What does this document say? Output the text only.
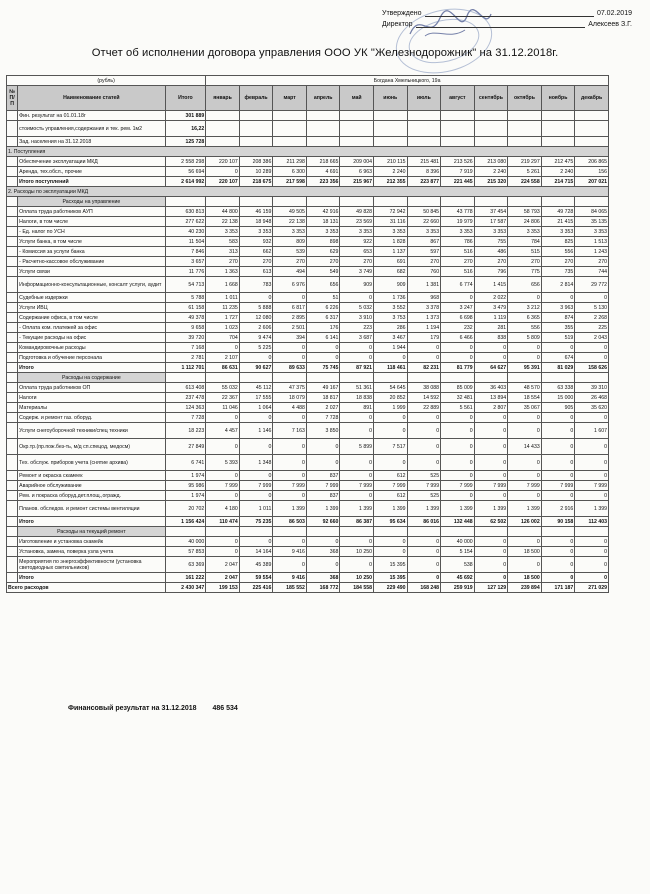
Утверждено	07.02.2019
Директор	Алексеев З.Г.
Отчет об исполнении договора управления ООО УК "Железнодорожник" на 31.12.2018г.
(рубль)			Богдана Хмельницкого, 19а											
№ П/П	Наименование статей	Итого	январь	февраль	март	апрель	май	июнь	июль	август	сентябрь	октябрь	ноябрь	декабрь
	Фин. результат на 01.01.18г	301 889												
	стоимость управления,содержания и тек. рем. 1м2	16,22												
	Зад. населения на 31.12.2018	125 728												
1. Поступления														
	Обеспечение эксплуатации МКД	2 558 298	220 107	208 386	211 298	218 665	209 004	210 115	215 481	213 526	213 080	219 297	212 475	206 865
	Аренда, тех.обсл., прочие	56 694	0	10 289	6 300	4 691	6 963	2 240	8 396	7 919	2 240	5 261	2 240	156
	Итого поступлений	2 614 992	220 107	218 675	217 598	223 356	215 967	212 355	223 877	221 445	215 320	224 558	214 715	207 021
2. Расходы по эксплуатации МКД														
	Расходы на управление													
	Оплата труда работников АУП	630 813	44 800	46 159	49 505	42 916	49 828	72 942	50 845	43 778	37 454	58 793	49 728	84 065
	Налоги, в том числе	277 622	22 138	18 948	22 138	18 131	23 569	31 116	22 660	19 979	17 587	24 806	21 415	35 135
	- Ед. налог по УСН	40 230	3 353	3 353	3 353	3 353	3 353	3 353	3 353	3 353	3 353	3 353	3 353	3 353
	Услуги банка, в том числе	11 504	583	932	809	898	922	1 828	867	786	755	784	825	1 513
	- Комиссия за услуги банка	7 846	313	662	539	629	653	1 137	597	516	486	515	556	1 243
	- Расчетно-кассовое обслуживание	3 657	270	270	270	270	270	691	270	270	270	270	270	270
	Услуги связи	11 776	1 363	613	494	549	3 749	682	760	516	796	775	735	744
	Информационно-консультационные, консалт услуги, аудит	54 713	1 668	783	6 976	656	909	909	1 381	6 774	1 415	656	2 814	29 772
	Судебные издержки	5 788	1 011	0	0	51	0	1 736	968	0	2 022	0	0	0
	Услуги ИВЦ	61 158	11 235	5 888	6 817	6 226	5 032	3 552	3 378	3 247	3 479	3 212	3 963	5 130
	Содержание офиса, в том числе	49 378	1 727	12 080	2 895	6 317	3 910	3 753	1 373	6 698	1 119	6 365	874	2 268
	- Оплата ком. платежей за офис	9 658	1 023	2 606	2 501	176	223	286	1 194	232	281	556	355	225
	- Текущие расходы на офис	39 720	704	9 474	394	6 141	3 687	3 467	179	6 466	838	5 809	519	2 043
	Командировочные расходы	7 168	0	5 225	0	0	0	1 944	0	0	0	0	0	0
	Подготовка и обучение персонала	2 781	2 107	0	0	0	0	0	0	0	0	0	674	0
	Итого	1 112 701	86 631	90 627	89 633	75 745	87 921	118 461	82 231	81 779	64 627	95 391	81 029	158 626
	Расходы на содержание													
	Оплата труда работников ОП	613 408	55 032	45 112	47 375	49 167	51 361	54 645	38 088	85 009	36 403	48 570	63 338	39 310
	Налоги	237 478	22 367	17 555	18 079	18 817	18 838	20 852	14 592	32 481	13 894	18 554	15 000	26 468
	Материалы	124 363	11 046	1 064	4 488	2 027	891	1 999	22 889	5 561	2 807	35 067	905	35 620
	Содерж. и ремонт газ. оборуд.	7 728	0	0	0	7 728	0	0	0	0	0	0	0	0
	Услуги снегоуборочной техники/спец техники	18 223	4 457	1 146	7 163	3 850	0	0	0	0	0	0	0	1 607
	Окр.тр.(пр.пож.без-ть, м/д сп.спецод, медосм)	27 849	0	0	0	0	5 899	7 517	0	0	0	14 433	0	0
	Тех. обслуж. приборов учета (снятие архива)	6 741	5 393	1 348	0	0	0	0	0	0	0	0	0	0
	Ремонт и окраска скамеек	1 974	0	0	0	837	0	612	525	0	0	0	0	0
	Аварийное обслуживание	95 986	7 999	7 999	7 999	7 999	7 999	7 999	7 999	7 999	7 999	7 999	7 999	7 999
	Рем. и покраска оборуд.дет.площ.,огражд.	1 974	0	0	0	837	0	612	525	0	0	0	0	0
	Планов. обследов. и ремонт системы вентиляции	20 702	4 180	1 011	1 399	1 399	1 399	1 399	1 399	1 399	1 399	1 399	2 916	1 399
	Итого	1 156 424	110 474	75 235	86 503	92 660	86 387	95 634	86 016	132 448	62 502	126 002	90 158	112 403
	Расходы на текущий ремонт													
	Изготовление и установка скамейк	40 000	0	0	0	0	0	0	0	40 000	0	0	0	0
	Установка, замена, поверка узла учета	57 853	0	14 164	9 416	368	10 250	0	0	5 154	0	18 500	0	0
	Мероприятия по энергоэффективности (установка светодиодных светильников)	63 369	2 047	45 389	0	0	0	15 395	0	538	0	0	0	0
	Итого	161 222	2 047	59 554	9 416	368	10 250	15 395	0	45 692	0	18 500	0	0
Всего расходов		2 430 347	199 153	225 416	185 552	168 772	184 558	229 490	168 248	259 919	127 129	239 894	171 187	271 029
Финансовый результат на 31.12.2018 486 534
